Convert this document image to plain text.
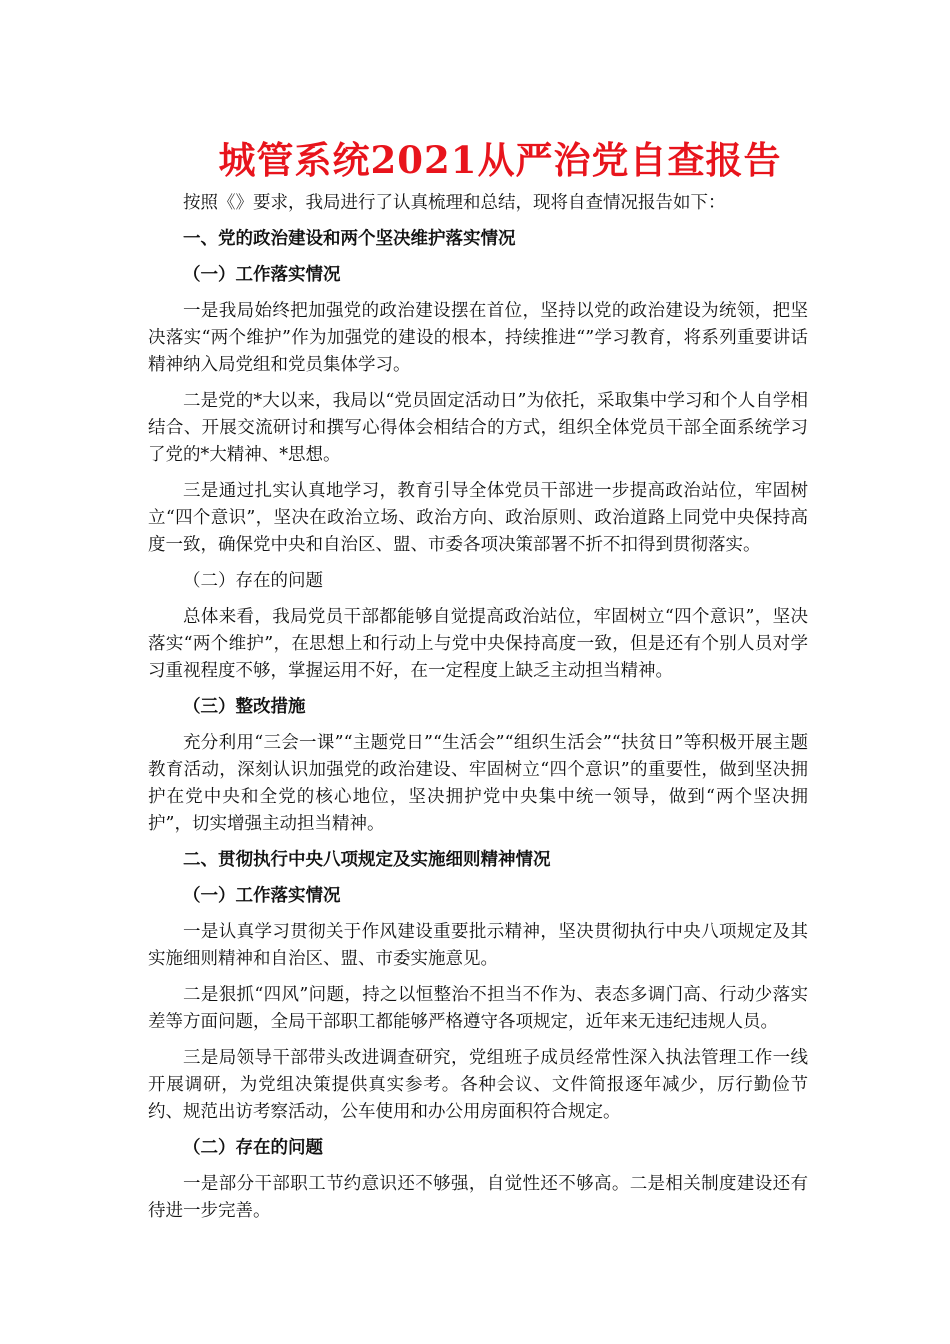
城管系统2021从严治党自查报告
按照《》要求，我局进行了认真梳理和总结，现将自查情况报告如下：
一、党的政治建设和两个坚决维护落实情况
（一）工作落实情况
一是我局始终把加强党的政治建设摆在首位，坚持以党的政治建设为统领，把坚决落实“两个维护”作为加强党的建设的根本，持续推进“”学习教育，将系列重要讲话精神纳入局党组和党员集体学习。
二是党的*大以来，我局以“党员固定活动日”为依托，采取集中学习和个人自学相结合、开展交流研讨和撰写心得体会相结合的方式，组织全体党员干部全面系统学习了党的*大精神、*思想。
三是通过扎实认真地学习，教育引导全体党员干部进一步提高政治站位，牢固树立“四个意识”，坚决在政治立场、政治方向、政治原则、政治道路上同党中央保持高度一致，确保党中央和自治区、盟、市委各项决策部署不折不扣得到贯彻落实。
（二）存在的问题
总体来看，我局党员干部都能够自觉提高政治站位，牢固树立“四个意识”，坚决落实“两个维护”，在思想上和行动上与党中央保持高度一致，但是还有个别人员对学习重视程度不够，掌握运用不好，在一定程度上缺乏主动担当精神。
（三）整改措施
充分利用“三会一课”“主题党日”“生活会”“组织生活会”“扶贫日”等积极开展主题教育活动，深刻认识加强党的政治建设、牢固树立“四个意识”的重要性，做到坚决拥护在党中央和全党的核心地位，坚决拥护党中央集中统一领导，做到“两个坚决拥护”，切实增强主动担当精神。
二、贯彻执行中央八项规定及实施细则精神情况
（一）工作落实情况
一是认真学习贯彻关于作风建设重要批示精神，坚决贯彻执行中央八项规定及其实施细则精神和自治区、盟、市委实施意见。
二是狠抓“四风”问题，持之以恒整治不担当不作为、表态多调门高、行动少落实差等方面问题，全局干部职工都能够严格遵守各项规定，近年来无违纪违规人员。
三是局领导干部带头改进调查研究，党组班子成员经常性深入执法管理工作一线开展调研，为党组决策提供真实参考。各种会议、文件简报逐年减少，厉行勤俭节约、规范出访考察活动，公车使用和办公用房面积符合规定。
（二）存在的问题
一是部分干部职工节约意识还不够强，自觉性还不够高。二是相关制度建设还有待进一步完善。
